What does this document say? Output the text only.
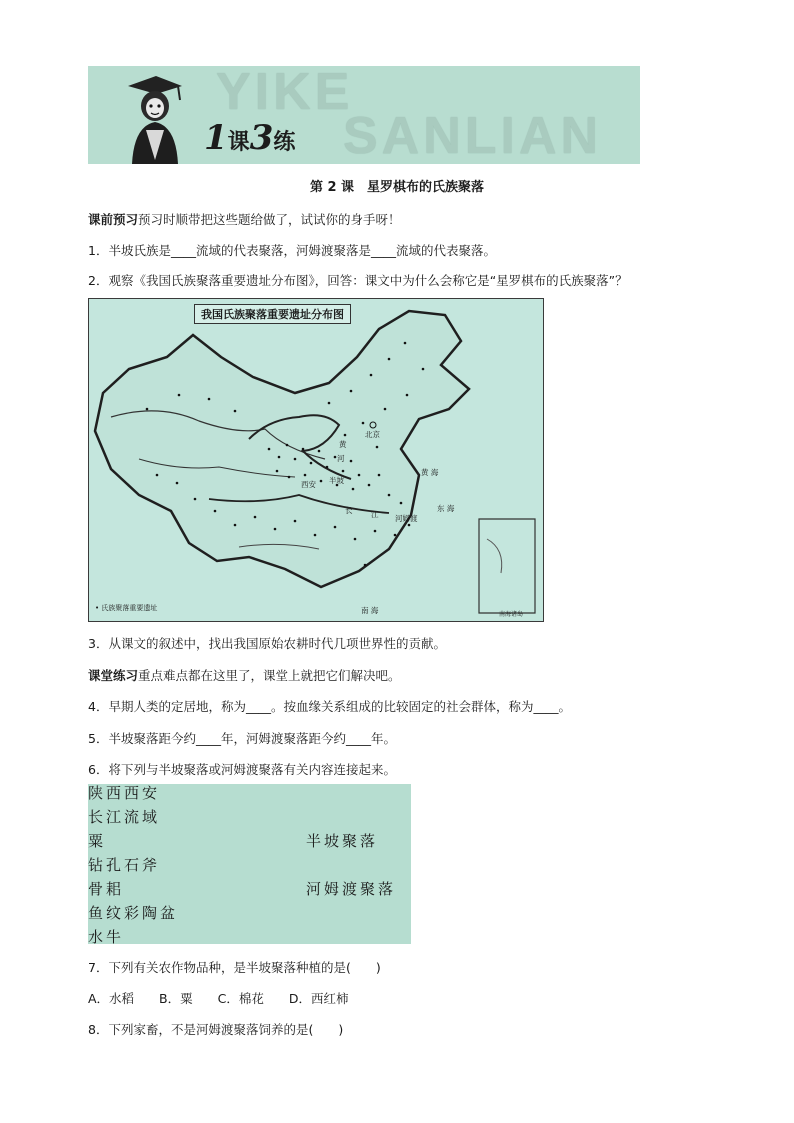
YIKE
SANLIAN
1课3练
第 2 课　星罗棋布的氏族聚落
课前预习预习时顺带把这些题给做了，试试你的身手呀！
1．半坡氏族是____流域的代表聚落，河姆渡聚落是____流域的代表聚落。
2．观察《我国氏族聚落重要遗址分布图》，回答：课文中为什么会称它是“星罗棋布的氏族聚落”？
我国氏族聚落重要遗址分布图
北京
黄
河
西安 半坡
黄 海
长 江 河姆渡
东 海
南 海	南海诸岛
• 氏族聚落重要遗址
3．从课文的叙述中，找出我国原始农耕时代几项世界性的贡献。
课堂练习重点难点都在这里了，课堂上就把它们解决吧。
4．早期人类的定居地，称为____。按血缘关系组成的比较固定的社会群体，称为____。
5．半坡聚落距今约____年，河姆渡聚落距今约____年。
6．将下列与半坡聚落或河姆渡聚落有关内容连接起来。
陕西西安
长江流域
粟
钻孔石斧
骨耜
鱼纹彩陶盆
水牛
半坡聚落
河姆渡聚落
7．下列有关农作物品种，是半坡聚落种植的是(　　)
A．水稻　　B．粟　　C．棉花　　D．西红柿
8．下列家畜，不是河姆渡聚落饲养的是(　　)
